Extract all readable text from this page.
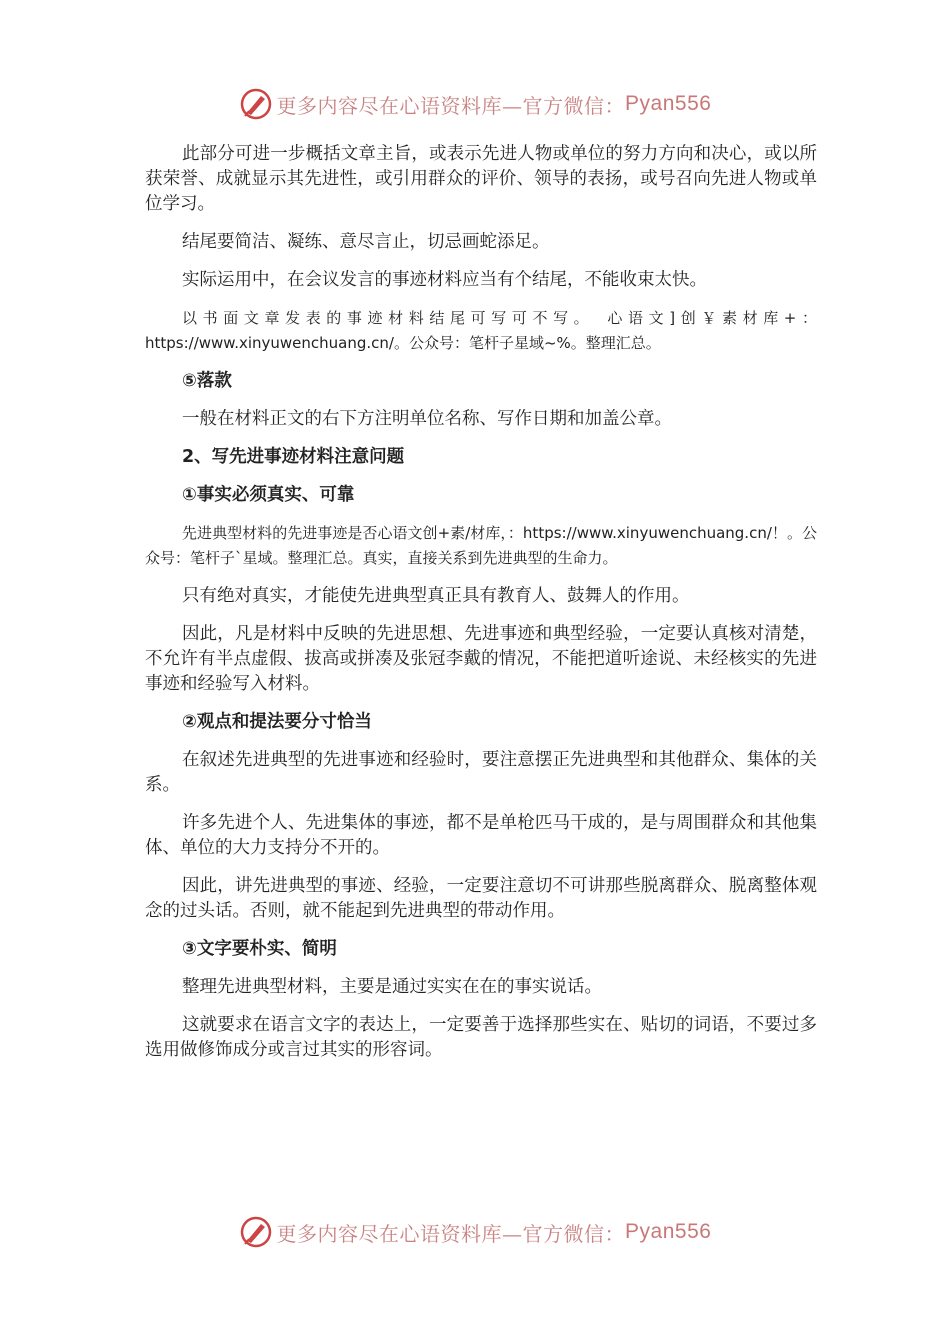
更多内容尽在心语资料库—官方微信： Pyan556

此部分可进一步概括文章主旨，或表示先进人物或单位的努力方向和决心，或以所获荣誉、成就显示其先进性，或引用群众的评价、领导的表扬，或号召向先进人物或单位学习。

结尾要简洁、凝练、意尽言止，切忌画蛇添足。

实际运用中，在会议发言的事迹材料应当有个结尾，不能收束太快。

以书面文章发表的事迹材料结尾可写可不写。　心语文]创￥素材库+：https://www.xinyuwenchuang.cn/。公众号：笔杆子星域~%。整理汇总。

⑤落款

一般在材料正文的右下方注明单位名称、写作日期和加盖公章。

2、写先进事迹材料注意问题
①事实必须真实、可靠

先进典型材料的先进事迹是否心语文创+素/材库，：https://www.xinyuwenchuang.cn/！。公众号：笔杆子`星域。整理汇总。真实，直接关系到先进典型的生命力。

只有绝对真实，才能使先进典型真正具有教育人、鼓舞人的作用。

因此，凡是材料中反映的先进思想、先进事迹和典型经验，一定要认真核对清楚，不允许有半点虚假、拔高或拼凑及张冠李戴的情况，不能把道听途说、未经核实的先进事迹和经验写入材料。

②观点和提法要分寸恰当

在叙述先进典型的先进事迹和经验时，要注意摆正先进典型和其他群众、集体的关系。

许多先进个人、先进集体的事迹，都不是单枪匹马干成的，是与周围群众和其他集体、单位的大力支持分不开的。

因此，讲先进典型的事迹、经验，一定要注意切不可讲那些脱离群众、脱离整体观念的过头话。否则，就不能起到先进典型的带动作用。

③文字要朴实、简明

整理先进典型材料，主要是通过实实在在的事实说话。

这就要求在语言文字的表达上，一定要善于选择那些实在、贴切的词语，不要过多选用做修饰成分或言过其实的形容词。

更多内容尽在心语资料库—官方微信： Pyan556
